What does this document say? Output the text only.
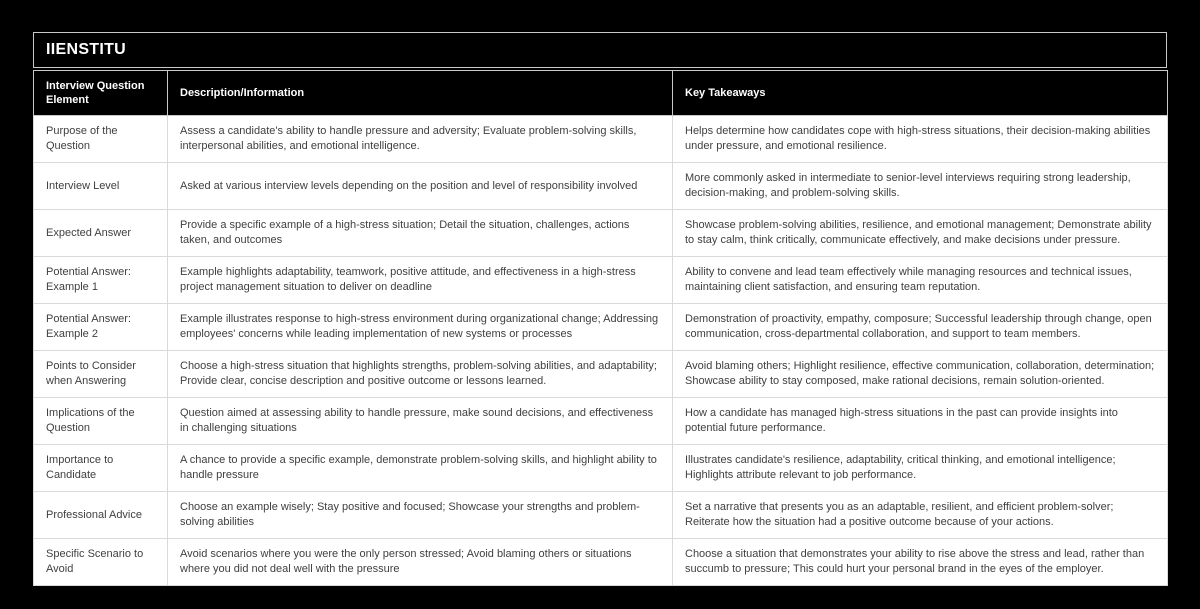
IIENSTITU
Interview Question Element	Description/Information	Key Takeaways
Purpose of the Question	Assess a candidate's ability to handle pressure and adversity; Evaluate problem-solving skills, interpersonal abilities, and emotional intelligence.	Helps determine how candidates cope with high-stress situations, their decision-making abilities under pressure, and emotional resilience.
Interview Level	Asked at various interview levels depending on the position and level of responsibility involved	More commonly asked in intermediate to senior-level interviews requiring strong leadership, decision-making, and problem-solving skills.
Expected Answer	Provide a specific example of a high-stress situation; Detail the situation, challenges, actions taken, and outcomes	Showcase problem-solving abilities, resilience, and emotional management; Demonstrate ability to stay calm, think critically, communicate effectively, and make decisions under pressure.
Potential Answer: Example 1	Example highlights adaptability, teamwork, positive attitude, and effectiveness in a high-stress project management situation to deliver on deadline	Ability to convene and lead team effectively while managing resources and technical issues, maintaining client satisfaction, and ensuring team reputation.
Potential Answer: Example 2	Example illustrates response to high-stress environment during organizational change; Addressing employees' concerns while leading implementation of new systems or processes	Demonstration of proactivity, empathy, composure; Successful leadership through change, open communication, cross-departmental collaboration, and support to team members.
Points to Consider when Answering	Choose a high-stress situation that highlights strengths, problem-solving abilities, and adaptability; Provide clear, concise description and positive outcome or lessons learned.	Avoid blaming others; Highlight resilience, effective communication, collaboration, determination; Showcase ability to stay composed, make rational decisions, remain solution-oriented.
Implications of the Question	Question aimed at assessing ability to handle pressure, make sound decisions, and effectiveness in challenging situations	How a candidate has managed high-stress situations in the past can provide insights into potential future performance.
Importance to Candidate	A chance to provide a specific example, demonstrate problem-solving skills, and highlight ability to handle pressure	Illustrates candidate's resilience, adaptability, critical thinking, and emotional intelligence; Highlights attribute relevant to job performance.
Professional Advice	Choose an example wisely; Stay positive and focused; Showcase your strengths and problem-solving abilities	Set a narrative that presents you as an adaptable, resilient, and efficient problem-solver; Reiterate how the situation had a positive outcome because of your actions.
Specific Scenario to Avoid	Avoid scenarios where you were the only person stressed; Avoid blaming others or situations where you did not deal well with the pressure	Choose a situation that demonstrates your ability to rise above the stress and lead, rather than succumb to pressure; This could hurt your personal brand in the eyes of the employer.
